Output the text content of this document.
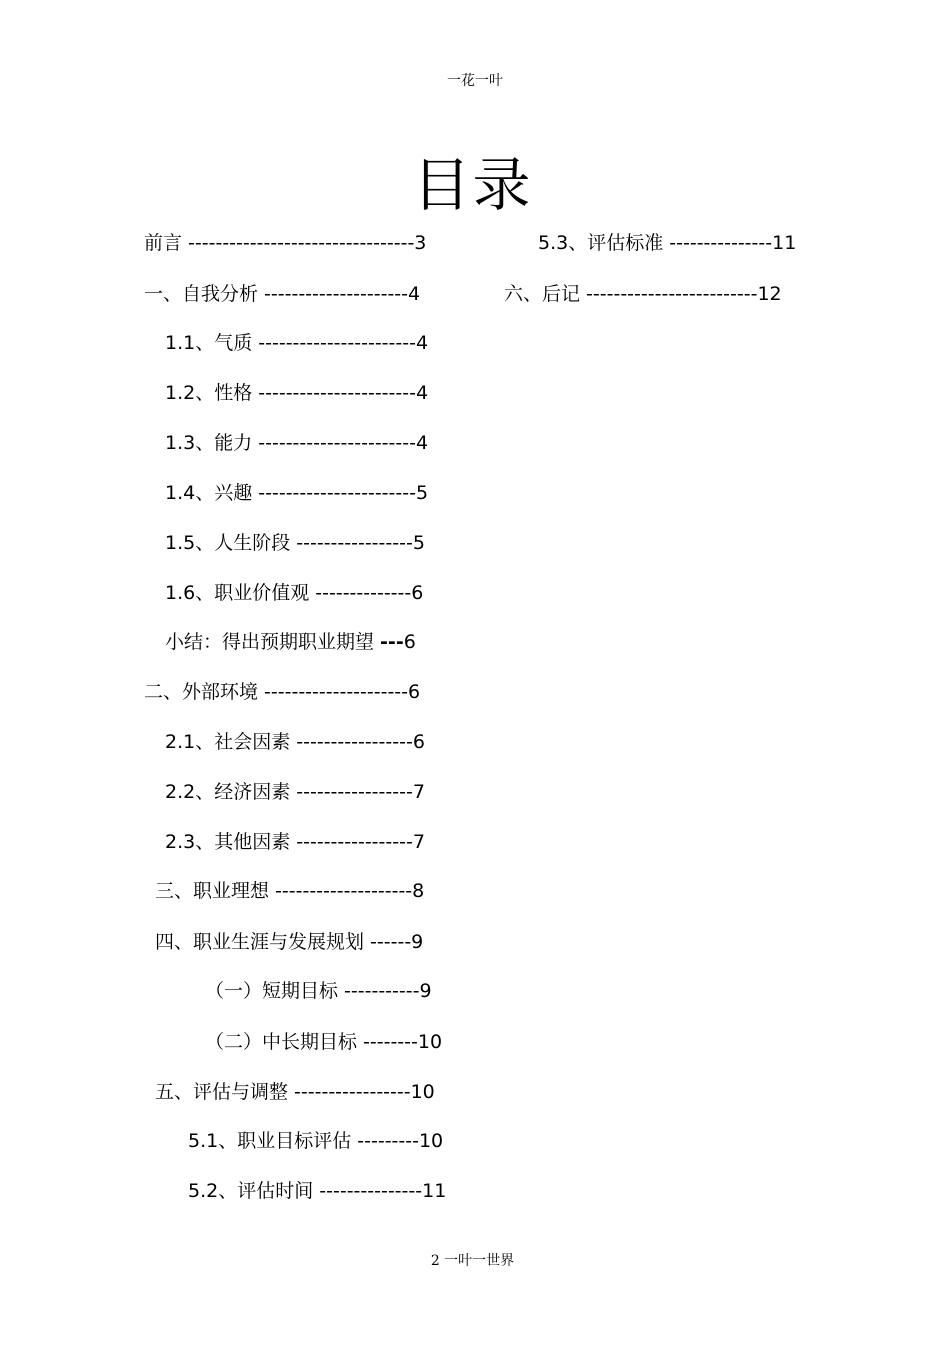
一花一叶
目录
前言 ---------------------------------3
一、自我分析 ---------------------4
1.1、气质 -----------------------4
1.2、性格 -----------------------4
1.3、能力 -----------------------4
1.4、兴趣 -----------------------5
1.5、人生阶段 -----------------5
1.6、职业价值观 --------------6
小结：得出预期职业期望 ---6
二、外部环境 ---------------------6
2.1、社会因素 -----------------6
2.2、经济因素 -----------------7
2.3、其他因素 -----------------7
三、职业理想 --------------------8
四、职业生涯与发展规划 ------9
（一）短期目标 -----------9
（二）中长期目标 --------10
五、评估与调整 -----------------10
5.1、职业目标评估 ---------10
5.2、评估时间 ---------------11
5.3、评估标准 ---------------11
六、后记 -------------------------12
2 一叶一世界
